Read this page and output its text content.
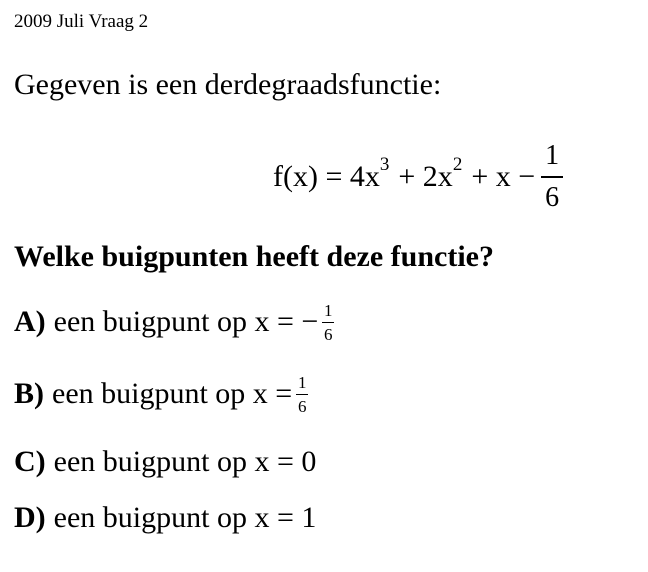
2009 Juli Vraag 2
Gegeven is een derdegraadsfunctie:
f(x) = 4x 3 + 2x $2 + x - \frac{1}{6}$
Welke buigpunten heeft deze functie?
A) een buigpunt op x = − $\frac{1}{6}$
B) een buigpunt op $x = \frac{1}{6}$
C) een buigpunt op x = 0
D) een buigpunt op x = 1
